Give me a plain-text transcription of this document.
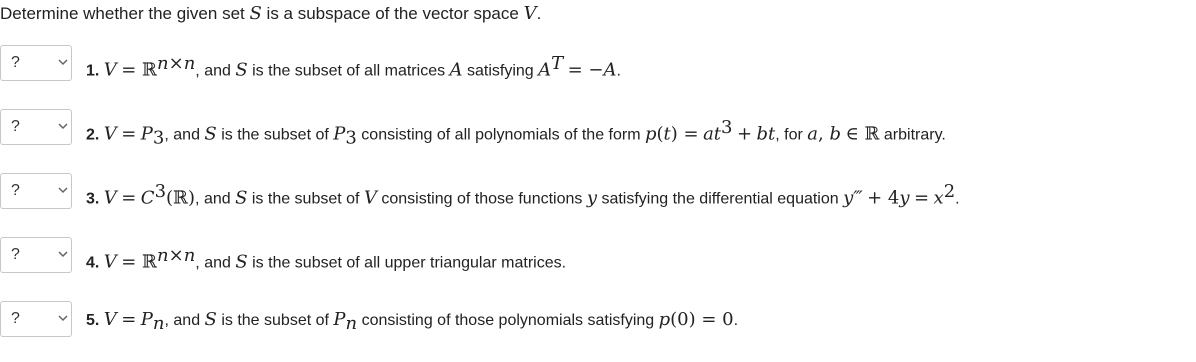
Determine whether the given set S is a subspace of the vector space V.
?	1. V = ℝ$^{n\times n}$, and S is the subset of all matrices A satisfying $A^T = -A$.
?	2. $V = P_3$, and S is the subset of $P_3$ consisting of all polynomials of the form $p(t) = at^3$ + bt, for a, b ∈ ℝ arbitrary.
?	3. $V = C^3(ℝ)$, and S is the subset of V consisting of those functions y satisfying the differential equation y‴ + $4y = x^2$.
?	4. V = ℝ$^{n\times n}$, and S is the subset of all upper triangular matrices.
?	5. $V = P_n$, and S is the subset of $P_n$ consisting of those polynomials satisfying p(0) = 0.
